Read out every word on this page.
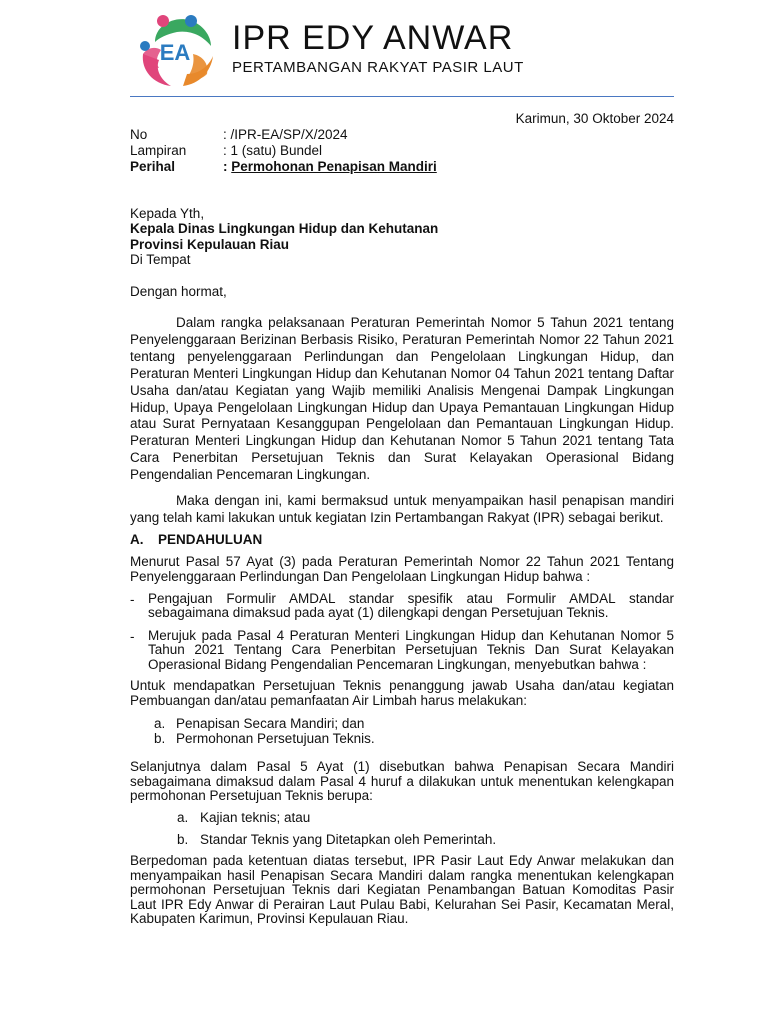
EA IPR EDY ANWAR
PERTAMBANGAN RAKYAT PASIR LAUT
Karimun, 30 Oktober 2024
No	: /IPR-EA/SP/X/2024
Lampiran	: 1 (satu) Bundel
Perihal	: Permohonan Penapisan Mandiri
Kepada Yth,
Kepala Dinas Lingkungan Hidup dan Kehutanan
Provinsi Kepulauan Riau
Di Tempat
Dengan hormat,
Dalam rangka pelaksanaan Peraturan Pemerintah Nomor 5 Tahun 2021 tentang Penyelenggaraan Berizinan Berbasis Risiko, Peraturan Pemerintah Nomor 22 Tahun 2021 tentang penyelenggaraan Perlindungan dan Pengelolaan Lingkungan Hidup, dan Peraturan Menteri Lingkungan Hidup dan Kehutanan Nomor 04 Tahun 2021 tentang Daftar Usaha dan/atau Kegiatan yang Wajib memiliki Analisis Mengenai Dampak Lingkungan Hidup, Upaya Pengelolaan Lingkungan Hidup dan Upaya Pemantauan Lingkungan Hidup atau Surat Pernyataan Kesanggupan Pengelolaan dan Pemantauan Lingkungan Hidup. Peraturan Menteri Lingkungan Hidup dan Kehutanan Nomor 5 Tahun 2021 tentang Tata Cara Penerbitan Persetujuan Teknis dan Surat Kelayakan Operasional Bidang Pengendalian Pencemaran Lingkungan.
Maka dengan ini, kami bermaksud untuk menyampaikan hasil penapisan mandiri yang telah kami lakukan untuk kegiatan Izin Pertambangan Rakyat (IPR) sebagai berikut.
A. PENDAHULUAN
Menurut Pasal 57 Ayat (3) pada Peraturan Pemerintah Nomor 22 Tahun 2021 Tentang Penyelenggaraan Perlindungan Dan Pengelolaan Lingkungan Hidup bahwa :
- Pengajuan Formulir AMDAL standar spesifik atau Formulir AMDAL standar sebagaimana dimaksud pada ayat (1) dilengkapi dengan Persetujuan Teknis.
- Merujuk pada Pasal 4 Peraturan Menteri Lingkungan Hidup dan Kehutanan Nomor 5 Tahun 2021 Tentang Cara Penerbitan Persetujuan Teknis Dan Surat Kelayakan Operasional Bidang Pengendalian Pencemaran Lingkungan, menyebutkan bahwa :
Untuk mendapatkan Persetujuan Teknis penanggung jawab Usaha dan/atau kegiatan Pembuangan dan/atau pemanfaatan Air Limbah harus melakukan:
a. Penapisan Secara Mandiri; dan
b. Permohonan Persetujuan Teknis.
Selanjutnya dalam Pasal 5 Ayat (1) disebutkan bahwa Penapisan Secara Mandiri sebagaimana dimaksud dalam Pasal 4 huruf a dilakukan untuk menentukan kelengkapan permohonan Persetujuan Teknis berupa:
a. Kajian teknis; atau
b. Standar Teknis yang Ditetapkan oleh Pemerintah.
Berpedoman pada ketentuan diatas tersebut, IPR Pasir Laut Edy Anwar melakukan dan menyampaikan hasil Penapisan Secara Mandiri dalam rangka menentukan kelengkapan permohonan Persetujuan Teknis dari Kegiatan Penambangan Batuan Komoditas Pasir Laut IPR Edy Anwar di Perairan Laut Pulau Babi, Kelurahan Sei Pasir, Kecamatan Meral, Kabupaten Karimun, Provinsi Kepulauan Riau.
